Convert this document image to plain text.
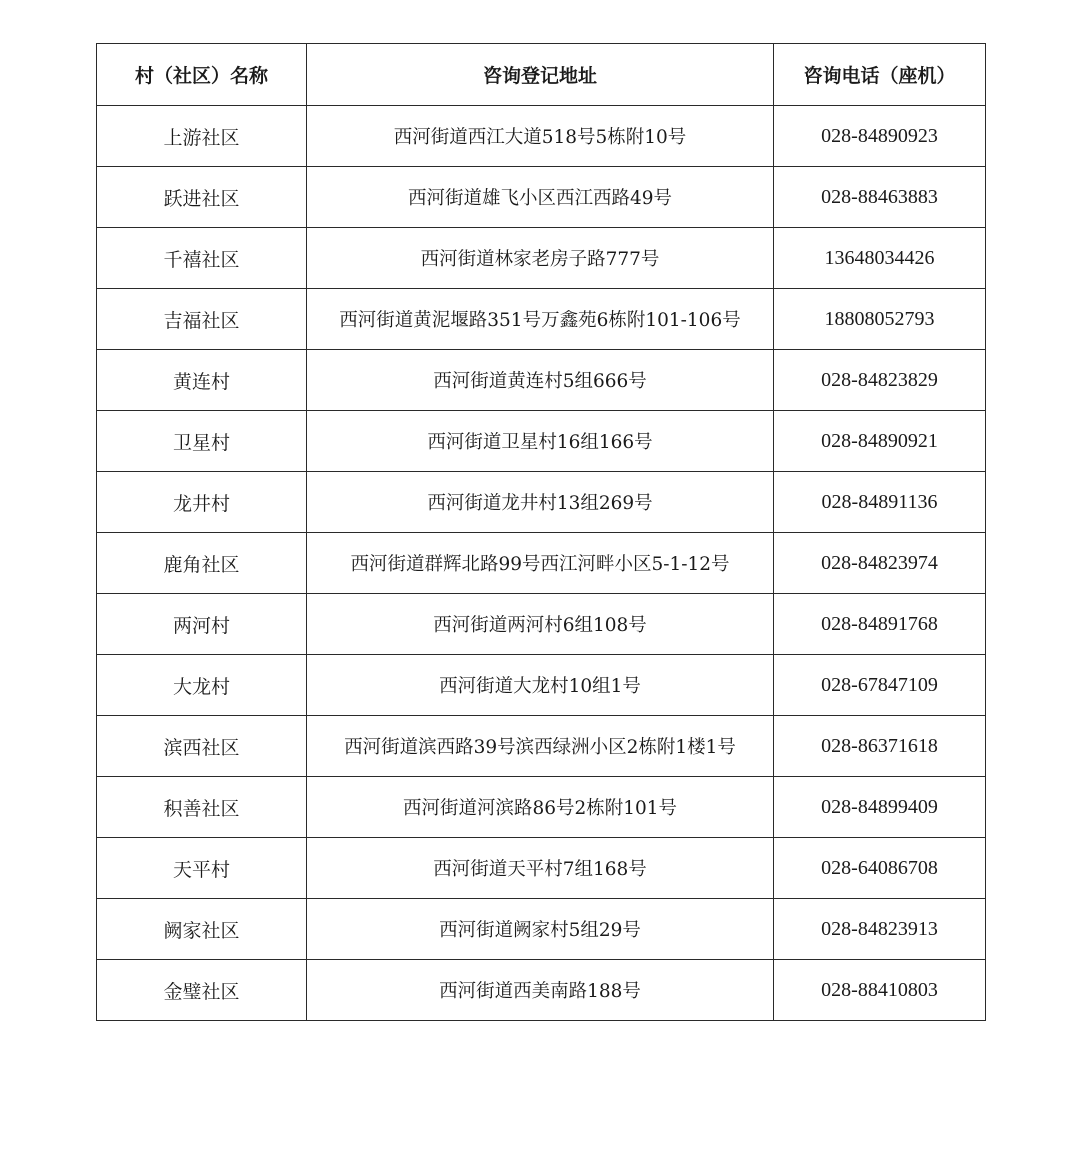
村（社区）名称	咨询登记地址	咨询电话（座机）
上游社区	西河街道西江大道518号5栋附10号	028-84890923
跃进社区	西河街道雄飞小区西江西路49号	028-88463883
千禧社区	西河街道林家老房子路777号	13648034426
吉福社区	西河街道黄泥堰路351号万鑫苑6栋附101-106号	18808052793
黄连村	西河街道黄连村5组666号	028-84823829
卫星村	西河街道卫星村16组166号	028-84890921
龙井村	西河街道龙井村13组269号	028-84891136
鹿角社区	西河街道群辉北路99号西江河畔小区5-1-12号	028-84823974
两河村	西河街道两河村6组108号	028-84891768
大龙村	西河街道大龙村10组1号	028-67847109
滨西社区	西河街道滨西路39号滨西绿洲小区2栋附1楼1号	028-86371618
积善社区	西河街道河滨路86号2栋附101号	028-84899409
天平村	西河街道天平村7组168号	028-64086708
阙家社区	西河街道阙家村5组29号	028-84823913
金璧社区	西河街道西美南路188号	028-88410803
